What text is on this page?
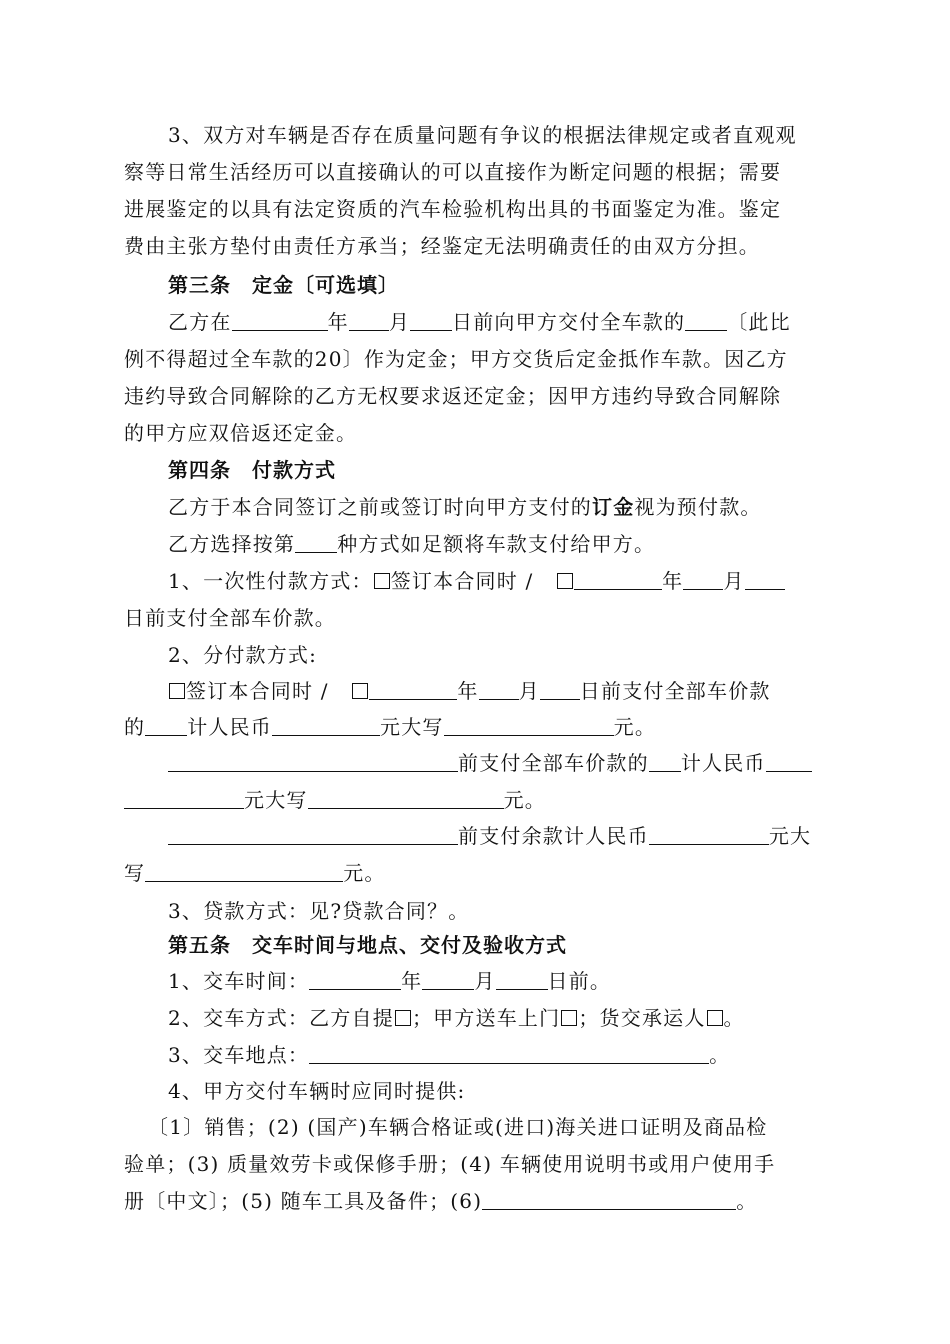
3、双方对车辆是否存在质量问题有争议的根据法律规定或者直观观
察等日常生活经历可以直接确认的可以直接作为断定问题的根据；需要
进展鉴定的以具有法定资质的汽车检验机构出具的书面鉴定为准。鉴定
费由主张方垫付由责任方承当；经鉴定无法明确责任的由双方分担。
第三条　定金〔可选填〕
乙方在	年 月 日前向甲方交付全车款的 〔此比
例不得超过全车款的20〕作为定金；甲方交货后定金抵作车款。因乙方
违约导致合同解除的乙方无权要求返还定金；因甲方违约导致合同解除
的甲方应双倍返还定金。
第四条　付款方式
乙方于本合同签订之前或签订时向甲方支付的订金视为预付款。
乙方选择按第 种方式如足额将车款支付给甲方。
1、一次性付款方式： 签订本合同时 /	年 月
日前支付全部车价款。
2、分付款方式:
签订本合同时 /	年 月 日前支付全部车价款
的 计人民币	元大写	元。
前支付全部车价款的 计人民币
元大写	元。
前支付余款计人民币	元大
写	元。
3、贷款方式：见?贷款合同？。
第五条　交车时间与地点、交付及验收方式
1、交车时间：	年	月	日前。
2、交车方式：乙方自提 ；甲方送车上门 ；货交承运人 。
3、交车地点：	。
4、甲方交付车辆时应同时提供:
〔1〕销售；(2) (国产)车辆合格证或(进口)海关进口证明及商品检
验单；(3) 质量效劳卡或保修手册；(4) 车辆使用说明书或用户使用手
册〔中文〕；(5) 随车工具及备件；(6)	。
